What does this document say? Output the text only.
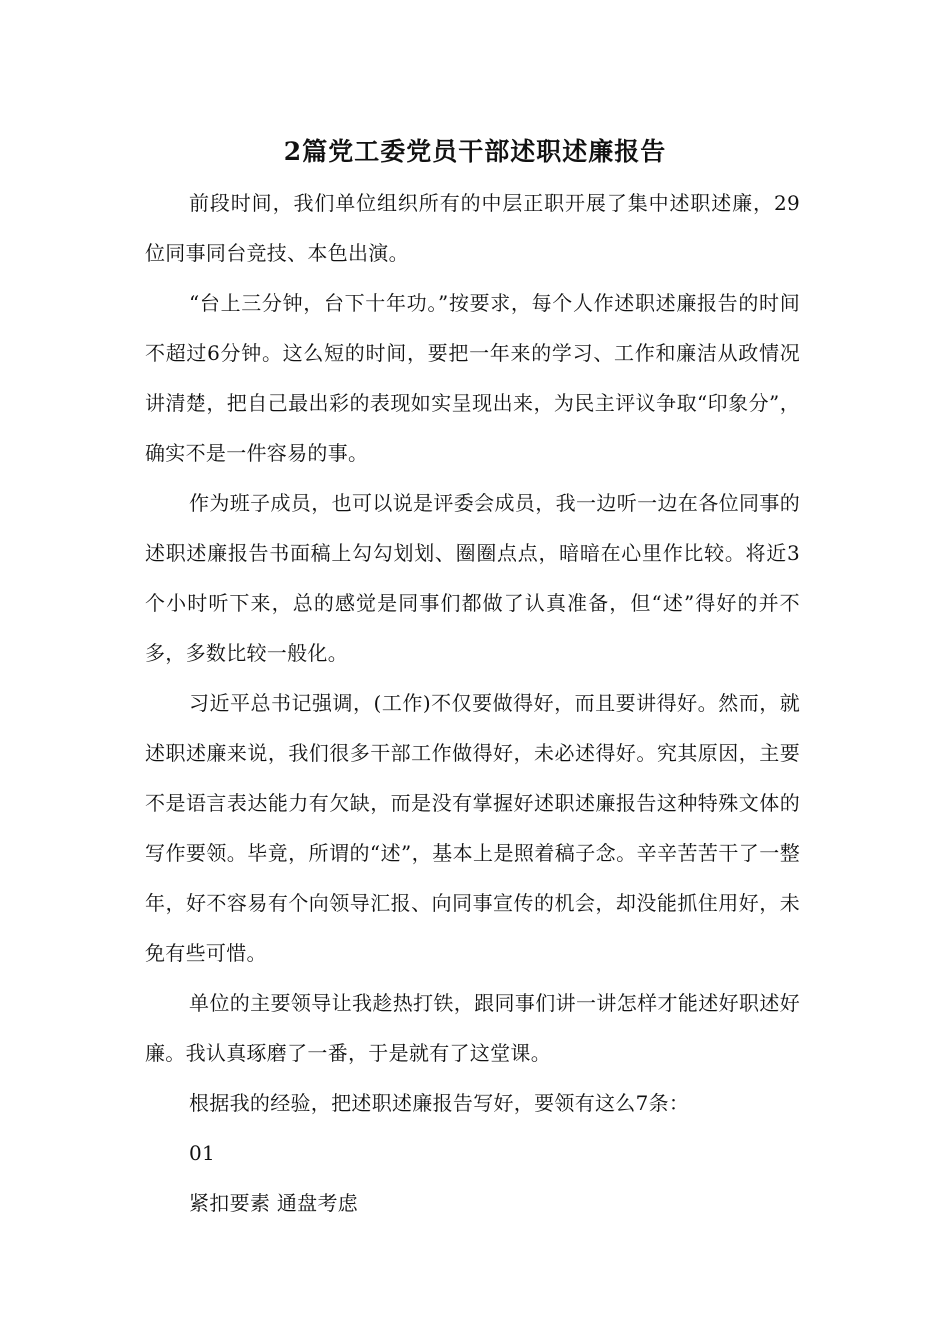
2篇党工委党员干部述职述廉报告

前段时间，我们单位组织所有的中层正职开展了集中述职述廉，29位同事同台竞技、本色出演。

“台上三分钟，台下十年功。”按要求，每个人作述职述廉报告的时间不超过6分钟。这么短的时间，要把一年来的学习、工作和廉洁从政情况讲清楚，把自己最出彩的表现如实呈现出来，为民主评议争取“印象分”，确实不是一件容易的事。

作为班子成员，也可以说是评委会成员，我一边听一边在各位同事的述职述廉报告书面稿上勾勾划划、圈圈点点，暗暗在心里作比较。将近3个小时听下来，总的感觉是同事们都做了认真准备，但“述”得好的并不多，多数比较一般化。

习近平总书记强调，(工作)不仅要做得好，而且要讲得好。然而，就述职述廉来说，我们很多干部工作做得好，未必述得好。究其原因，主要不是语言表达能力有欠缺，而是没有掌握好述职述廉报告这种特殊文体的写作要领。毕竟，所谓的“述”，基本上是照着稿子念。辛辛苦苦干了一整年，好不容易有个向领导汇报、向同事宣传的机会，却没能抓住用好，未免有些可惜。

单位的主要领导让我趁热打铁，跟同事们讲一讲怎样才能述好职述好廉。我认真琢磨了一番，于是就有了这堂课。

根据我的经验，把述职述廉报告写好，要领有这么7条：

01

紧扣要素 通盘考虑
